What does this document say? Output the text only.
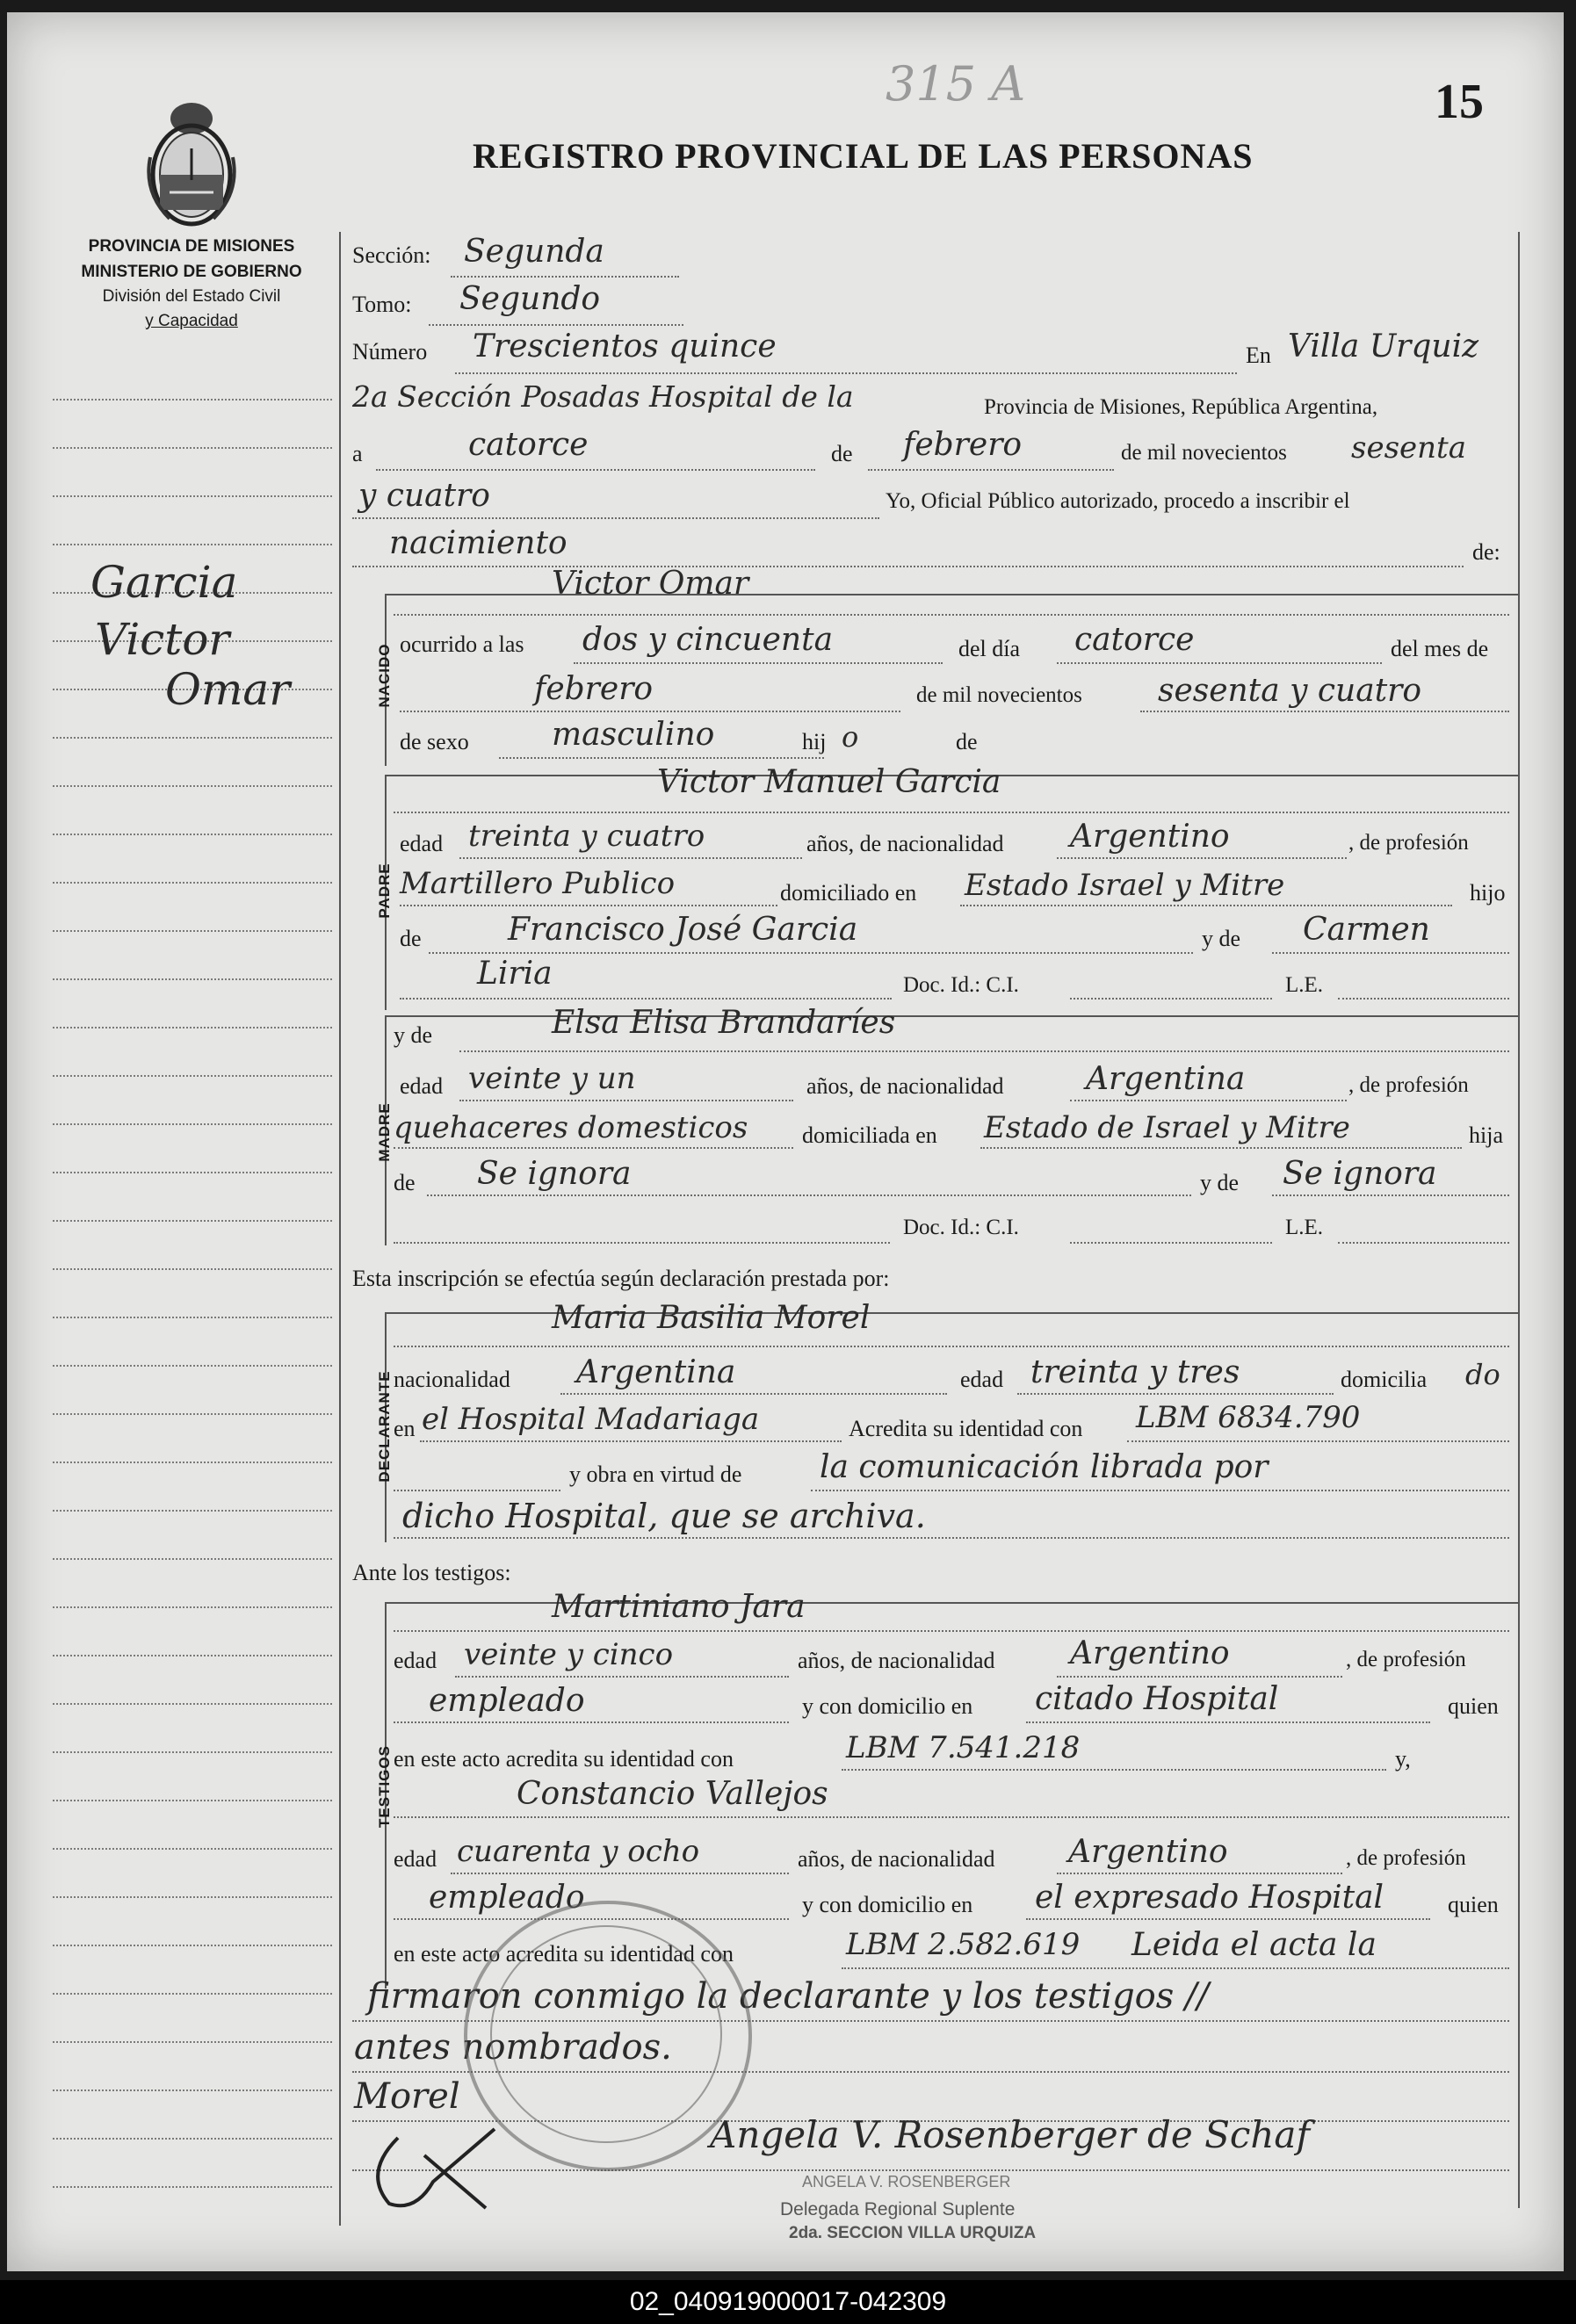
315 A	15
PROVINCIA DE MISIONES
MINISTERIO DE GOBIERNO
División del Estado Civil
y Capacidad
REGISTRO PROVINCIAL DE LAS PERSONAS
Garcia
Victor
Omar
Sección: Segunda
Tomo: Segundo
Número Trescientos quince	En Villa Urquiz
2a Sección Posadas Hospital de la	Provincia de Misiones, República Argentina,
a	catorce	de febrero	de mil novecientos sesenta
y cuatro	Yo, Oficial Público autorizado, procedo a inscribir el
nacimiento	de:
NACIDO
Victor Omar
ocurrido a las dos y cincuenta	del día catorce	del mes de
febrero	de mil novecientos sesenta y cuatro
de sexo	masculino	hij o	de
PADRE
Victor Manuel Garcia
edad treinta y cuatro	años, de nacionalidad Argentino	, de profesión
Martillero Publico	domiciliado en Estado Israel y Mitre	hijo
de	Francisco José Garcia	y de Carmen
Liria	Doc. Id.: C.I.	L.E.
MADRE
y de	Elsa Elisa Brandaríes
edad veinte y un	años, de nacionalidad	Argentina	, de profesión
quehaceres domesticos domiciliada en Estado de Israel y Mitre	hija
de Se ignora	y de Se ignora
Doc. Id.: C.I.	L.E.
Esta inscripción se efectúa según declaración prestada por:
DECLARANTE
Maria Basilia Morel
nacionalidad Argentina	edad treinta y tres	domicilia do
en el Hospital Madariaga	Acredita su identidad con LBM 6834.790
y obra en virtud de la comunicación librada por
dicho Hospital, que se archiva.
Ante los testigos:
TESTIGOS
Martiniano Jara
edad veinte y cinco	años, de nacionalidad Argentino	, de profesión
empleado	y con domicilio en citado Hospital	quien
en este acto acredita su identidad con	LBM 7.541.218	y,
Constancio Vallejos
edad cuarenta y ocho	años, de nacionalidad Argentino	, de profesión
empleado	y con domicilio en el expresado Hospital	quien
en este acto acredita su identidad con	LBM 2.582.619 Leida el acta la
firmaron conmigo la declarante y los testigos //
antes nombrados.
Morel
Angela V. Rosenberger de Schaf
ANGELA V. ROSENBERGER
Delegada Regional Suplente
2da. SECCION VILLA URQUIZA
02_040919000017-042309
